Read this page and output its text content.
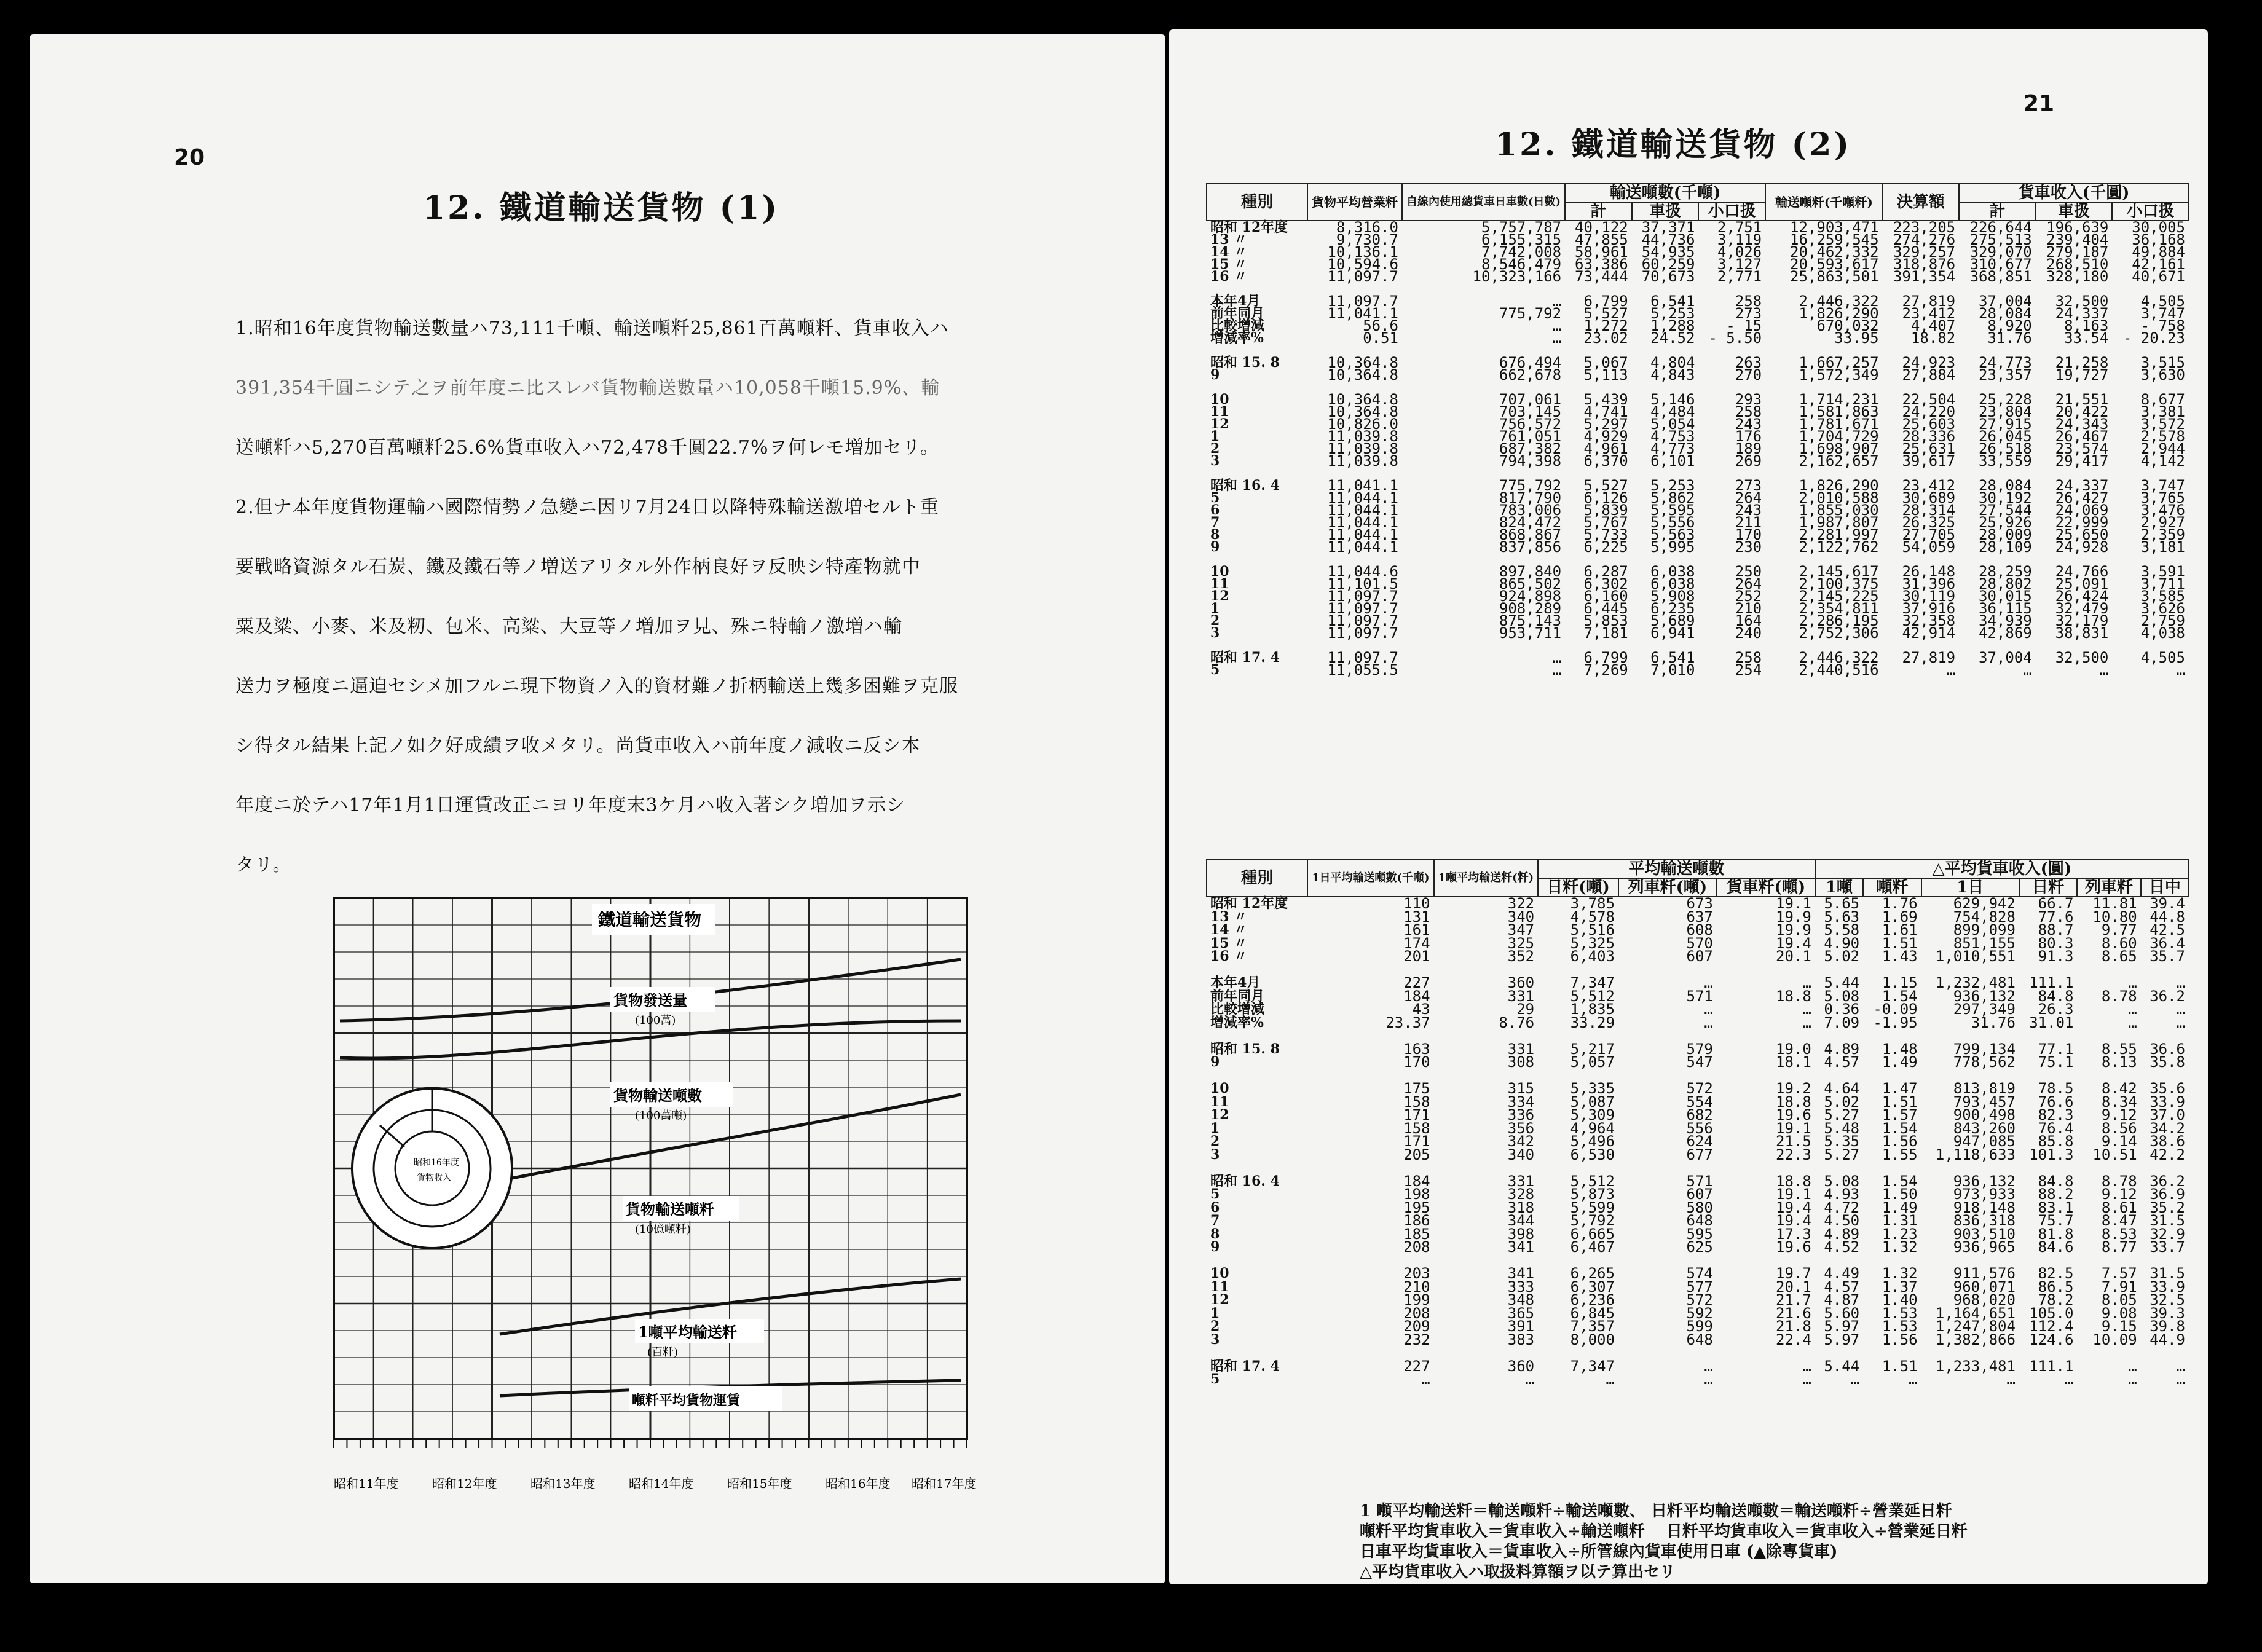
20
12. 鐵道輸送貨物 (1)

1.昭和16年度貨物輸送數量ハ73,111千噸、輸送噸粁25,861百萬噸粁、貨車收入ハ

391,354千圓ニシテ之ヲ前年度ニ比スレバ貨物輸送數量ハ10,058千噸15.9%、輸

送噸粁ハ5,270百萬噸粁25.6%貨車收入ハ72,478千圓22.7%ヲ何レモ増加セリ。

2.但ナ本年度貨物運輸ハ國際情勢ノ急變ニ因リ7月24日以降特殊輸送激増セルト重

要戰略資源タル石炭、鐵及鐵石等ノ増送アリタル外作柄良好ヲ反映シ特產物就中

粟及粱、小麥、米及籾、包米、高粱、大豆等ノ増加ヲ見、殊ニ特輸ノ激増ハ輸

送力ヲ極度ニ逼迫セシメ加フルニ現下物資ノ入的資材難ノ折柄輸送上幾多困難ヲ克服

シ得タル結果上記ノ如ク好成績ヲ收メタリ。尚貨車收入ハ前年度ノ減收ニ反シ本

年度ニ於テハ17年1月1日運賃改正ニヨリ年度末3ケ月ハ收入著シク増加ヲ示シ

タリ。

鐵道輸送貨物
貨物發送量
(100萬)
貨物輸送噸數
(100萬噸)
貨物輸送噸粁
(10億噸粁)
1噸平均輸送粁
(百粁)
噸粁平均貨物運賃
昭和16年度
貨物收入
昭和11年度	昭和12年度	昭和13年度	昭和14年度	昭和15年度	昭和16年度 昭和17年度
21
12. 鐵道輸送貨物 (2)
種別	貨物平均營業粁	自線內使用總貨車日車數(日數)	輸送噸數(千噸)			輸送噸粁(千噸粁)	決算額	貨車收入(千圓)		
			計	車扱	小口扱			計	車扱	小口扱
昭和 12年度	8,316.0	5,757,787	40,122	37,371	2,751	12,903,471	223,205	226,644	196,639	30,005
13 〃	9,730.7	6,155,315	47,855	44,736	3,119	16,259,545	274,276	275,513	239,404	36,168
14 〃	10,136.1	7,742,008	58,961	54,935	4,026	20,462,332	329,257	329,070	279,187	49,884
15 〃	10,594.6	8,546,479	63,386	60,259	3,127	20,593,617	318,876	310,677	268,510	42,161
16 〃	11,097.7	10,323,166	73,444	70,673	2,771	25,863,501	391,354	368,851	328,180	40,671

本年4月	11,097.7	…	6,799	6,541	258	2,446,322	27,819	37,004	32,500	4,505
前年同月	11,041.1	775,792	5,527	5,253	273	1,826,290	23,412	28,084	24,337	3,747
比較增減	56.6	…	1,272	1,288	- 15	670,032	4,407	8,920	8,163	- 758
增減率%	0.51	…	23.02	24.52	- 5.50	33.95	18.82	31.76	33.54	- 20.23

昭和 15. 8	10,364.8	676,494	5,067	4,804	263	1,667,257	24,923	24,773	21,258	3,515
9	10,364.8	662,678	5,113	4,843	270	1,572,349	27,884	23,357	19,727	3,630

10	10,364.8	707,061	5,439	5,146	293	1,714,231	22,504	25,228	21,551	8,677
11	10,364.8	703,145	4,741	4,484	258	1,581,863	24,220	23,804	20,422	3,381
12	10,826.0	756,572	5,297	5,054	243	1,781,671	25,603	27,915	24,343	3,572
1	11,039.8	761,051	4,929	4,753	176	1,704,729	28,336	26,045	26,467	2,578
2	11,039.8	687,382	4,961	4,773	189	1,698,907	25,631	26,518	23,574	2,944
3	11,039.8	794,398	6,370	6,101	269	2,162,657	39,617	33,559	29,417	4,142

昭和 16. 4	11,041.1	775,792	5,527	5,253	273	1,826,290	23,412	28,084	24,337	3,747
5	11,044.1	817,790	6,126	5,862	264	2,010,588	30,689	30,192	26,427	3,765
6	11,044.1	783,006	5,839	5,595	243	1,855,030	28,314	27,544	24,069	3,476
7	11,044.1	824,472	5,767	5,556	211	1,987,807	26,325	25,926	22,999	2,927
8	11,044.1	868,867	5,733	5,563	170	2,281,997	27,705	28,009	25,650	2,359
9	11,044.1	837,856	6,225	5,995	230	2,122,762	54,059	28,109	24,928	3,181

10	11,044.6	897,840	6,287	6,038	250	2,145,617	26,148	28,259	24,766	3,591
11	11,101.5	865,502	6,302	6,038	264	2,100,375	31,396	28,802	25,091	3,711
12	11,097.7	924,898	6,160	5,908	252	2,145,225	30,119	30,015	26,424	3,585
1	11,097.7	908,289	6,445	6,235	210	2,354,811	37,916	36,115	32,479	3,626
2	11,097.7	875,143	5,853	5,689	164	2,286,195	32,358	34,939	32,179	2,759
3	11,097.7	953,711	7,181	6,941	240	2,752,306	42,914	42,869	38,831	4,038

昭和 17. 4	11,097.7	…	6,799	6,541	258	2,446,322	27,819	37,004	32,500	4,505
5	11,055.5	…	7,269	7,010	254	2,440,516	…	…	…	…
種別	1日平均輸送噸數(千噸)	1噸平均輸送粁(粁)	平均輸送噸數			△平均貨車收入(圓)					
			日粁(噸)	列車粁(噸)	貨車粁(噸)	1噸	噸粁	1日	日粁	列車粁	日中
昭和 12年度	110	322	3,785	673	19.1	5.65	1.76	629,942	66.7	11.81	39.4
13 〃	131	340	4,578	637	19.9	5.63	1.69	754,828	77.6	10.80	44.8
14 〃	161	347	5,516	608	19.9	5.58	1.61	899,099	88.7	9.77	42.5
15 〃	174	325	5,325	570	19.4	4.90	1.51	851,155	80.3	8.60	36.4
16 〃	201	352	6,403	607	20.1	5.02	1.43	1,010,551	91.3	8.65	35.7

本年4月	227	360	7,347	…	…	5.44	1.15	1,232,481	111.1	…	…
前年同月	184	331	5,512	571	18.8	5.08	1.54	936,132	84.8	8.78	36.2
比較增減	43	29	1,835	…	…	0.36	-0.09	297,349	26.3	…	…
增減率%	23.37	8.76	33.29	…	…	7.09	-1.95	31.76	31.01	…	…

昭和 15. 8	163	331	5,217	579	19.0	4.89	1.48	799,134	77.1	8.55	36.6
9	170	308	5,057	547	18.1	4.57	1.49	778,562	75.1	8.13	35.8

10	175	315	5,335	572	19.2	4.64	1.47	813,819	78.5	8.42	35.6
11	158	334	5,087	554	18.8	5.02	1.51	793,457	76.6	8.34	33.9
12	171	336	5,309	682	19.6	5.27	1.57	900,498	82.3	9.12	37.0
1	158	356	4,964	556	19.1	5.48	1.54	843,260	76.4	8.56	34.2
2	171	342	5,496	624	21.5	5.35	1.56	947,085	85.8	9.14	38.6
3	205	340	6,530	677	22.3	5.27	1.55	1,118,633	101.3	10.51	42.2

昭和 16. 4	184	331	5,512	571	18.8	5.08	1.54	936,132	84.8	8.78	36.2
5	198	328	5,873	607	19.1	4.93	1.50	973,933	88.2	9.12	36.9
6	195	318	5,599	580	19.4	4.72	1.49	918,148	83.1	8.61	35.2
7	186	344	5,792	648	19.4	4.50	1.31	836,318	75.7	8.47	31.5
8	185	398	6,665	595	17.3	4.89	1.23	903,510	81.8	8.53	32.9
9	208	341	6,467	625	19.6	4.52	1.32	936,965	84.6	8.77	33.7

10	203	341	6,265	574	19.7	4.49	1.32	911,576	82.5	7.57	31.5
11	210	333	6,307	577	20.1	4.57	1.37	960,071	86.5	7.91	33.9
12	199	348	6,236	572	21.7	4.87	1.40	968,020	78.2	8.05	32.5
1	208	365	6,845	592	21.6	5.60	1.53	1,164,651	105.0	9.08	39.3
2	209	391	7,357	599	21.8	5.97	1.53	1,247,804	112.4	9.15	39.8
3	232	383	8,000	648	22.4	5.97	1.56	1,382,866	124.6	10.09	44.9

昭和 17. 4	227	360	7,347	…	…	5.44	1.51	1,233,481	111.1	…	…
5	…	…	…	…	…	…	…	…	…	…	…
1 噸平均輸送粁＝輸送噸粁÷輸送噸數、 日粁平均輸送噸數＝輸送噸粁÷營業延日粁
噸粁平均貨車收入＝貨車收入÷輸送噸粁　 日粁平均貨車收入＝貨車收入÷營業延日粁
日車平均貨車收入＝貨車收入÷所管線內貨車使用日車 (▲除專貨車)
△平均貨車收入ハ取扱料算額ヲ以テ算出セリ
